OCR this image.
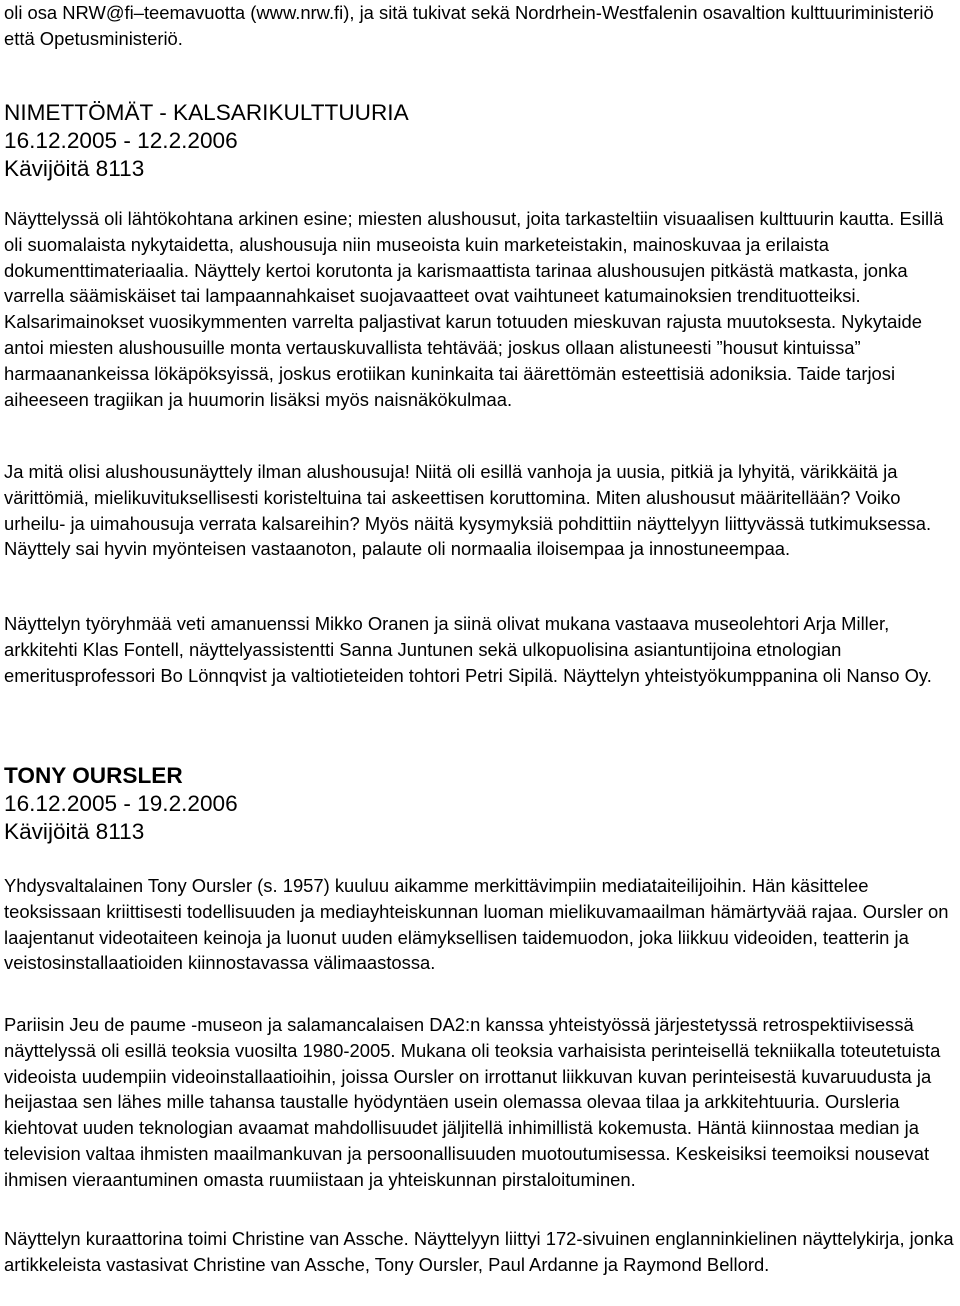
oli osa NRW@fi–teemavuotta (www.nrw.fi), ja sitä tukivat sekä Nordrhein-Westfalenin osavaltion kulttuuriministeriö että Opetusministeriö.

NIMETTÖMÄT - KALSARIKULTTUURIA

16.12.2005 - 12.2.2006

Kävijöitä 8113

Näyttelyssä oli lähtökohtana arkinen esine; miesten alushousut, joita tarkasteltiin visuaalisen kulttuurin kautta. Esillä oli suomalaista nykytaidetta, alushousuja niin museoista kuin marketeistakin, mainoskuvaa ja erilaista dokumenttimateriaalia. Näyttely kertoi korutonta ja karismaattista tarinaa alushousujen pitkästä matkasta, jonka varrella säämiskäiset tai lampaannahkaiset suojavaatteet ovat vaihtuneet katumainoksien trendituotteiksi. Kalsarimainokset vuosikymmenten varrelta paljastivat karun totuuden mieskuvan rajusta muutoksesta. Nykytaide antoi miesten alushousuille monta vertauskuvallista tehtävää; joskus ollaan alistuneesti ”housut kintuissa” harmaanankeissa lökäpöksyissä, joskus erotiikan kuninkaita tai äärettömän esteettisiä adoniksia. Taide tarjosi aiheeseen tragiikan ja huumorin lisäksi myös naisnäkökulmaa.

Ja mitä olisi alushousunäyttely ilman alushousuja! Niitä oli esillä vanhoja ja uusia, pitkiä ja lyhyitä, värikkäitä ja värittömiä, mielikuvituksellisesti koristeltuina tai askeettisen koruttomina. Miten alushousut määritellään? Voiko urheilu- ja uimahousuja verrata kalsareihin? Myös näitä kysymyksiä pohdittiin näyttelyyn liittyvässä tutkimuksessa. Näyttely sai hyvin myönteisen vastaanoton, palaute oli normaalia iloisempaa ja innostuneempaa.

Näyttelyn työryhmää veti amanuenssi Mikko Oranen ja siinä olivat mukana vastaava museolehtori Arja Miller, arkkitehti Klas Fontell, näyttelyassistentti Sanna Juntunen sekä ulkopuolisina asiantuntijoina etnologian emeritusprofessori Bo Lönnqvist ja valtiotieteiden tohtori Petri Sipilä. Näyttelyn yhteistyökumppanina oli Nanso Oy.

TONY OURSLER

16.12.2005 - 19.2.2006

Kävijöitä 8113

Yhdysvaltalainen Tony Oursler (s. 1957) kuuluu aikamme merkittävimpiin mediataiteilijoihin. Hän käsittelee teoksissaan kriittisesti todellisuuden ja mediayhteiskunnan luoman mielikuvamaailman hämärtyvää rajaa. Oursler on laajentanut videotaiteen keinoja ja luonut uuden elämyksellisen taidemuodon, joka liikkuu videoiden, teatterin ja veistosinstallaatioiden kiinnostavassa välimaastossa.

Pariisin Jeu de paume -museon ja salamancalaisen DA2:n kanssa yhteistyössä järjestetyssä retrospektiivisessä näyttelyssä oli esillä teoksia vuosilta 1980-2005. Mukana oli teoksia varhaisista perinteisellä tekniikalla toteutetuista videoista uudempiin videoinstallaatioihin, joissa Oursler on irrottanut liikkuvan kuvan perinteisestä kuvaruudusta ja heijastaa sen lähes mille tahansa taustalle hyödyntäen usein olemassa olevaa tilaa ja arkkitehtuuria. Oursleria kiehtovat uuden teknologian avaamat mahdollisuudet jäljitellä inhimillistä kokemusta. Häntä kiinnostaa median ja television valtaa ihmisten maailmankuvan ja persoonallisuuden muotoutumisessa. Keskeisiksi teemoiksi nousevat ihmisen vieraantuminen omasta ruumiistaan ja yhteiskunnan pirstaloituminen.

Näyttelyn kuraattorina toimi Christine van Assche. Näyttelyyn liittyi 172-sivuinen englanninkielinen näyttelykirja, jonka artikkeleista vastasivat Christine van Assche, Tony Oursler, Paul Ardanne ja Raymond Bellord.
